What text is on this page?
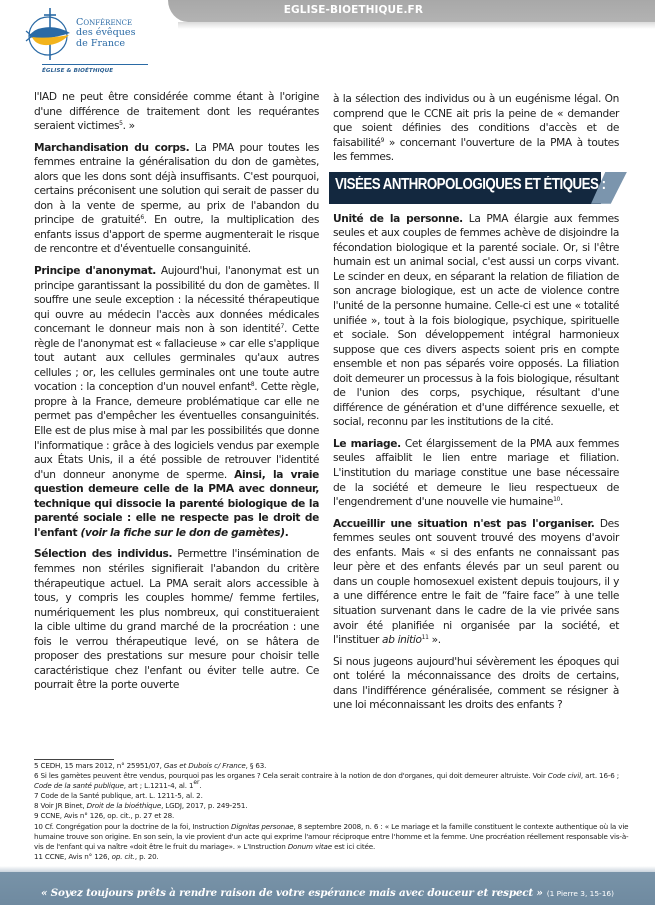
EGLISE-BIOETHIQUE.FR
Conférence
des évêques
de France
ÉGLISE & BIOÉTHIQUE

l'IAD ne peut être considérée comme étant à l'origine d'une différence de traitement dont les requérantes seraient victimes$^5$. »

Marchandisation du corps. La PMA pour toutes les femmes entraine la généralisation du don de gamètes, alors que les dons sont déjà insuffisants. C'est pourquoi, certains préconisent une solution qui serait de passer du don à la vente de sperme, au prix de l'abandon du principe de gratuité$^6$. En outre, la multiplication des enfants issus d'apport de sperme augmenterait le risque de rencontre et d'éventuelle consanguinité.

Principe d'anonymat. Aujourd'hui, l'anonymat est un principe garantissant la possibilité du don de gamètes. Il souffre une seule exception : la nécessité thérapeutique qui ouvre au médecin l'accès aux données médicales concernant le donneur mais non à son identité$^7$. Cette règle de l'anonymat est « fallacieuse » car elle s'applique tout autant aux cellules germinales qu'aux autres cellules ; or, les cellules germinales ont une toute autre vocation : la conception d'un nouvel enfant$^8$. Cette règle, propre à la France, demeure problématique car elle ne permet pas d'empêcher les éventuelles consanguinités. Elle est de plus mise à mal par les possibilités que donne l'informatique : grâce à des logiciels vendus par exemple aux États Unis, il a été possible de retrouver l'identité d'un donneur anonyme de sperme. Ainsi, la vraie question demeure celle de la PMA avec donneur, technique qui dissocie la parenté biologique de la parenté sociale : elle ne respecte pas le droit de l'enfant (voir la fiche sur le don de gamètes).

Sélection des individus. Permettre l'insémination de femmes non stériles signifierait l'abandon du critère thérapeutique actuel. La PMA serait alors accessible à tous, y compris les couples homme/ femme fertiles, numériquement les plus nombreux, qui constitueraient la cible ultime du grand marché de la procréation : une fois le verrou thérapeutique levé, on se hâtera de proposer des prestations sur mesure pour choisir telle caractéristique chez l'enfant ou éviter telle autre. Ce pourrait être la porte ouverte

à la sélection des individus ou à un eugénisme légal. On comprend que le CCNE ait pris la peine de « demander que soient définies des conditions d'accès et de faisabilité$^9$ » concernant l'ouverture de la PMA à toutes les femmes.

VISÉES ANTHROPOLOGIQUES ET ÉTIQUES :

Unité de la personne. La PMA élargie aux femmes seules et aux couples de femmes achève de disjoindre la fécondation biologique et la parenté sociale. Or, si l'être humain est un animal social, c'est aussi un corps vivant. Le scinder en deux, en séparant la relation de filiation de son ancrage biologique, est un acte de violence contre l'unité de la personne humaine. Celle-ci est une « totalité unifiée », tout à la fois biologique, psychique, spirituelle et sociale. Son développement intégral harmonieux suppose que ces divers aspects soient pris en compte ensemble et non pas séparés voire opposés. La filiation doit demeurer un processus à la fois biologique, résultant de l'union des corps, psychique, résultant d'une différence de génération et d'une différence sexuelle, et social, reconnu par les institutions de la cité.

Le mariage. Cet élargissement de la PMA aux femmes seules affaiblit le lien entre mariage et filiation. L'institution du mariage constitue une base nécessaire de la société et demeure le lieu respectueux de l'engendrement d'une nouvelle vie humaine$^{10}$.

Accueillir une situation n'est pas l'organiser. Des femmes seules ont souvent trouvé des moyens d'avoir des enfants. Mais « si des enfants ne connaissant pas leur père et des enfants élevés par un seul parent ou dans un couple homosexuel existent depuis toujours, il y a une différence entre le fait de “faire face” à une telle situation survenant dans le cadre de la vie privée sans avoir été planifiée ni organisée par la société, et l'instituer ab initio$^{11}$ ».

Si nous jugeons aujourd'hui sévèrement les époques qui ont toléré la méconnaissance des droits de certains, dans l'indifférence généralisée, comment se résigner à une loi méconnaissant les droits des enfants ?

5 CEDH, 15 mars 2012, n° 25951/07, Gas et Dubois c/ France, § 63.
6 Si les gamètes peuvent être vendus, pourquoi pas les organes ? Cela serait contraire à la notion de don d'organes, qui doit demeurer altruiste. Voir Code civil, art. 16-6 ; Code de la santé publique, art ; L.1211-4, al. 1er.
7 Code de la Santé publique, art. L. 1211-5, al. 2.
8 Voir JR Binet, Droit de la bioéthique, LGDJ, 2017, p. 249-251.
9 CCNE, Avis n° 126, op. cit., p. 27 et 28.
10 Cf. Congrégation pour la doctrine de la foi, Instruction Dignitas personae, 8 septembre 2008, n. 6 : « Le mariage et la famille constituent le contexte authentique où la vie humaine trouve son origine. En son sein, la vie provient d'un acte qui exprime l'amour réciproque entre l'homme et la femme. Une procréation réellement responsable vis-à-vis de l'enfant qui va naître «doit être le fruit du mariage». » L'Instruction Donum vitae est ici citée.
11 CCNE, Avis n° 126, op. cit., p. 20.
« Soyez toujours prêts à rendre raison de votre espérance mais avec douceur et respect » (1 Pierre 3, 15-16)
